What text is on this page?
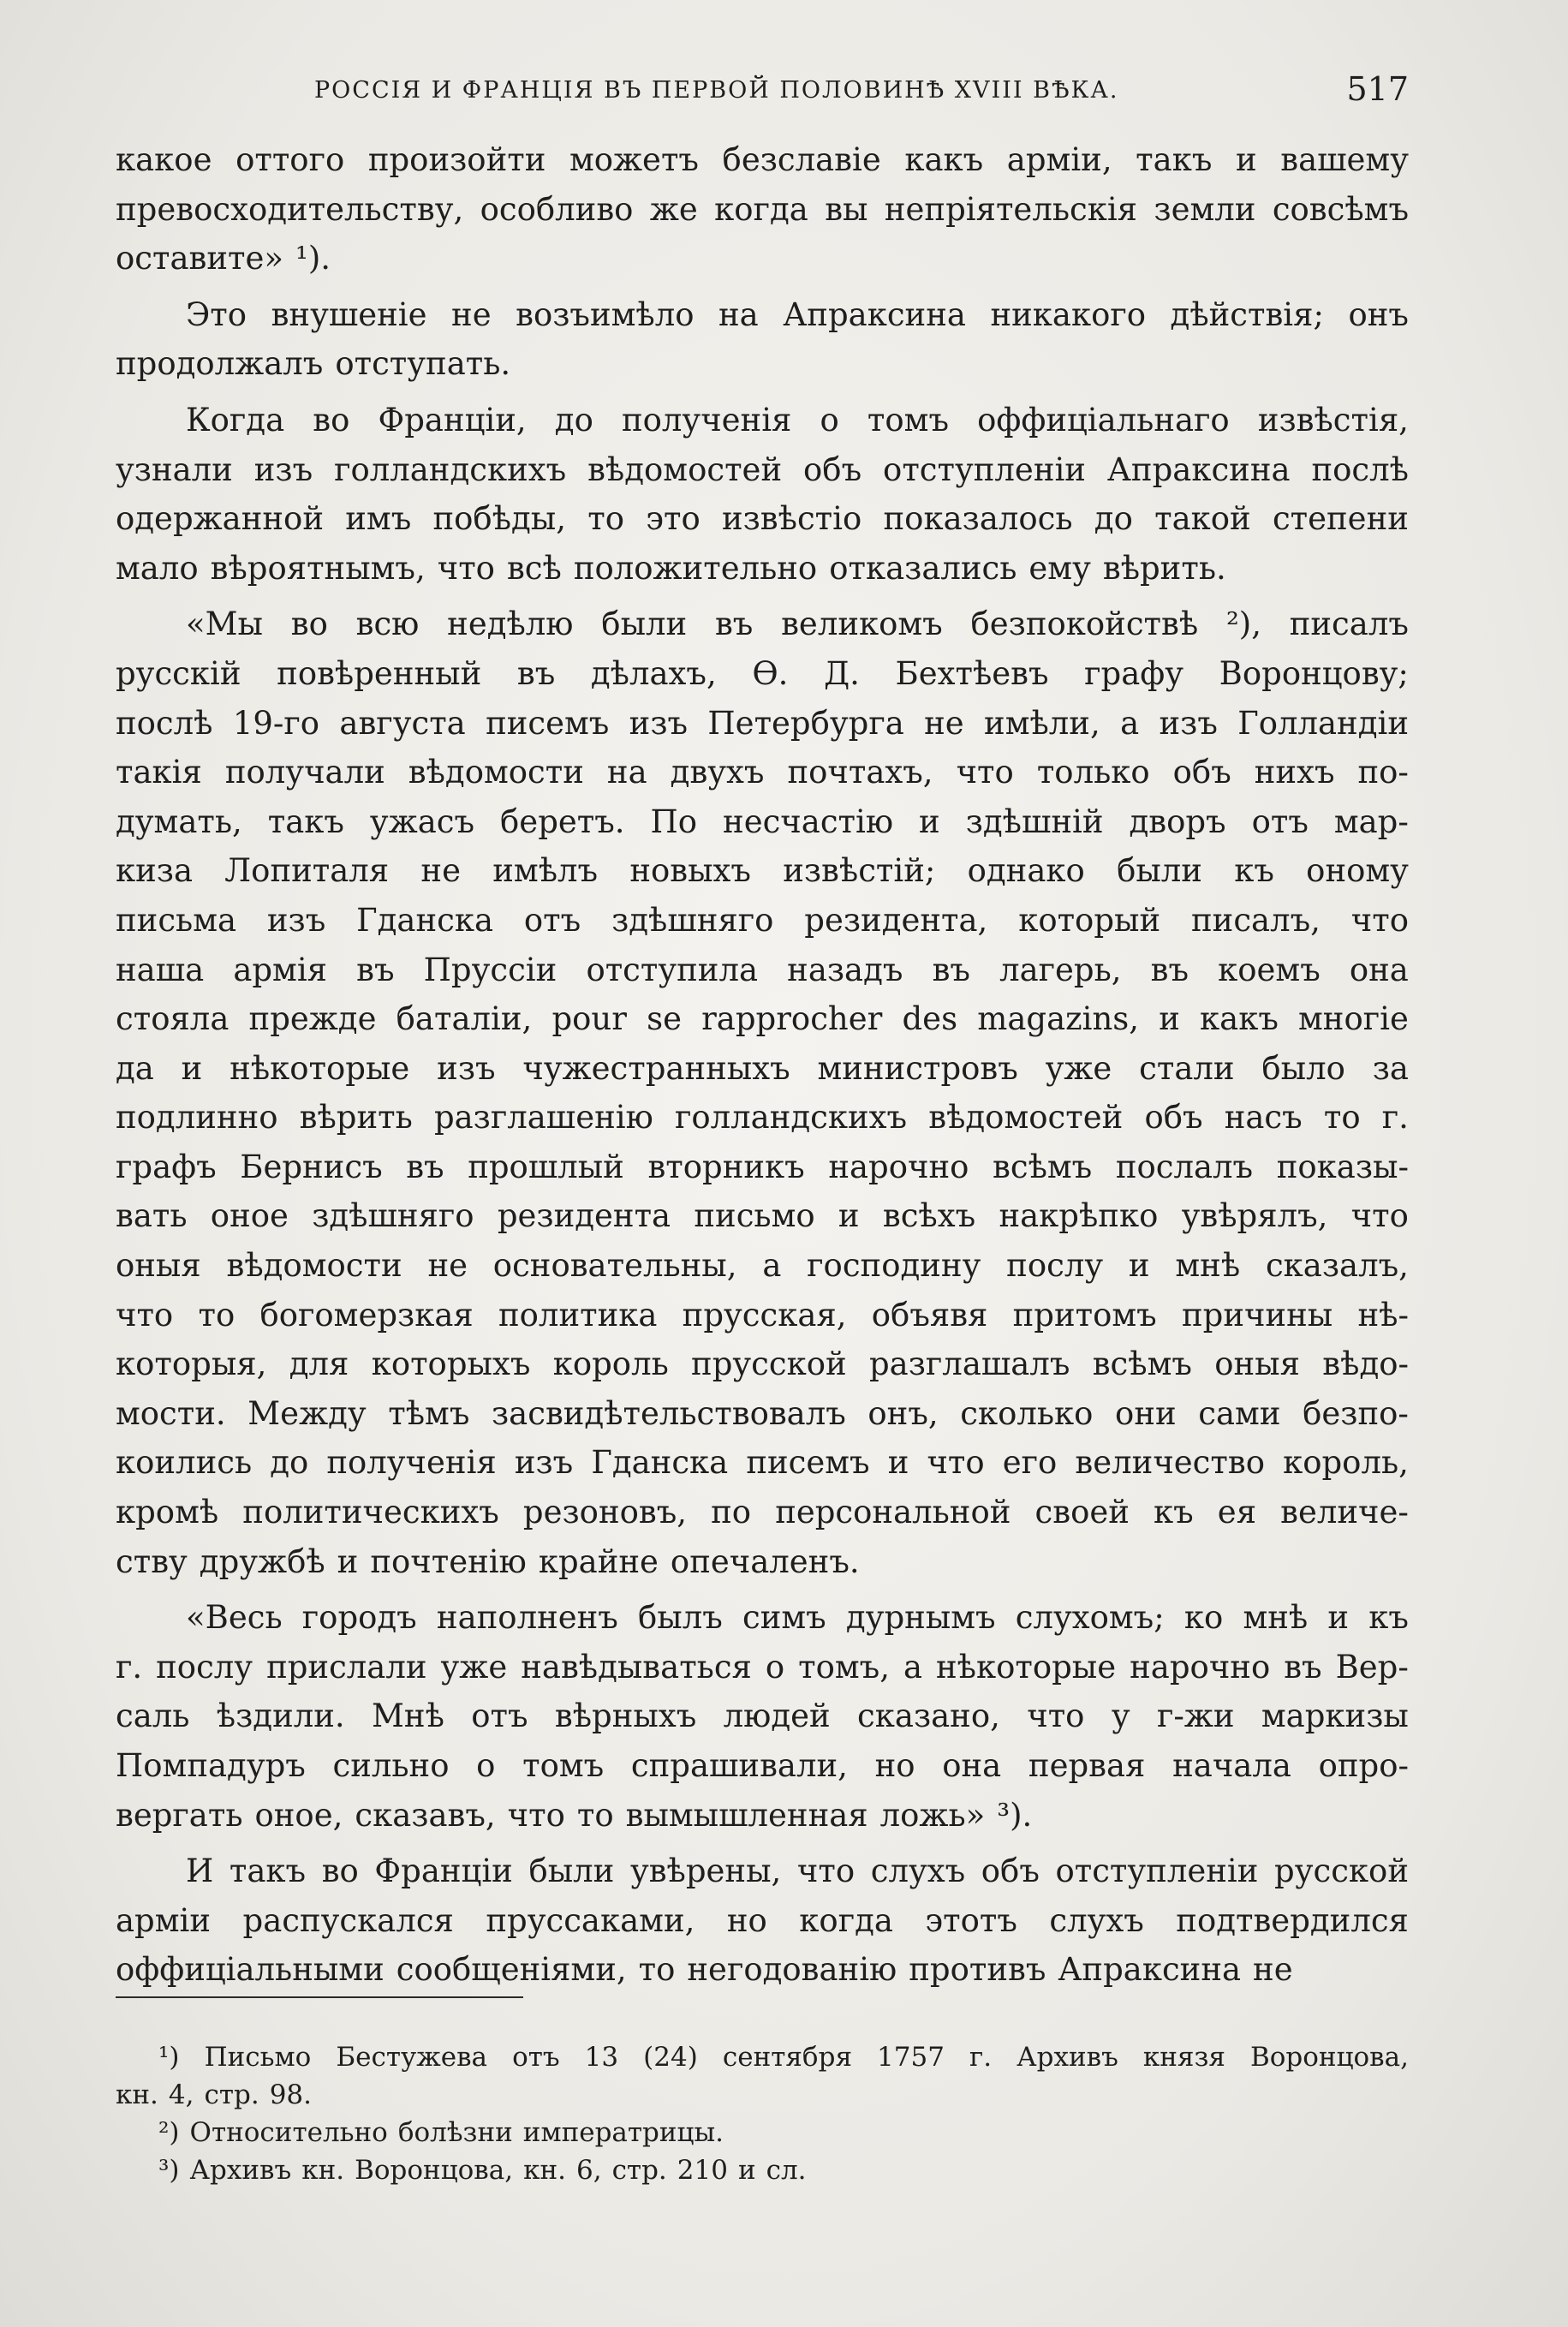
РОССІЯ И ФРАНЦІЯ ВЪ ПЕРВОЙ ПОЛОВИНѢ XVIII ВѢКА.	517
какое оттого произойти можетъ безславіе какъ арміи, такъ и вашему
превосходительству, особливо же когда вы непріятельскія земли совсѣмъ
оставите» ¹).
Это внушеніе не возъимѣло на Апраксина никакого дѣйствія; онъ
продолжалъ отступать.
Когда во Франціи, до полученія о томъ оффиціальнаго извѣстія,
узнали изъ голландскихъ вѣдомостей объ отступленіи Апраксина послѣ
одержанной имъ побѣды, то это извѣстіо показалось до такой степени
мало вѣроятнымъ, что всѣ положительно отказались ему вѣрить.
«Мы во всю недѣлю были въ великомъ безпокойствѣ ²), писалъ
русскій повѣренный въ дѣлахъ, Ѳ. Д. Бехтѣевъ графу Воронцову;
послѣ 19-го августа писемъ изъ Петербурга не имѣли, а изъ Голландіи
такія получали вѣдомости на двухъ почтахъ, что только объ нихъ по-
думать, такъ ужасъ беретъ. По несчастію и здѣшній дворъ отъ мар-
киза Лопиталя не имѣлъ новыхъ извѣстій; однако были къ оному
письма изъ Гданска отъ здѣшняго резидента, который писалъ, что
наша армія въ Пруссіи отступила назадъ въ лагерь, въ коемъ она
стояла прежде баталіи, pour se rapprocher des magazins, и какъ многіе
да и нѣкоторые изъ чужестранныхъ министровъ уже стали было за
подлинно вѣрить разглашенію голландскихъ вѣдомостей объ насъ то г.
графъ Бернисъ въ прошлый вторникъ нарочно всѣмъ послалъ показы-
вать оное здѣшняго резидента письмо и всѣхъ накрѣпко увѣрялъ, что
оныя вѣдомости не основательны, а господину послу и мнѣ сказалъ,
что то богомерзкая политика прусская, объявя притомъ причины нѣ-
которыя, для которыхъ король прусской разглашалъ всѣмъ оныя вѣдо-
мости. Между тѣмъ засвидѣтельствовалъ онъ, сколько они сами безпо-
коились до полученія изъ Гданска писемъ и что его величество король,
кромѣ политическихъ резоновъ, по персональной своей къ ея величе-
ству дружбѣ и почтенію крайне опечаленъ.
«Весь городъ наполненъ былъ симъ дурнымъ слухомъ; ко мнѣ и къ
г. послу прислали уже навѣдываться о томъ, а нѣкоторые нарочно въ Вер-
саль ѣздили. Мнѣ отъ вѣрныхъ людей сказано, что у г-жи маркизы
Помпадуръ сильно о томъ спрашивали, но она первая начала опро-
вергать оное, сказавъ, что то вымышленная ложь» ³).
И такъ во Франціи были увѣрены, что слухъ объ отступленіи русской
арміи распускался пруссаками, но когда этотъ слухъ подтвердился
оффиціальными сообщеніями, то негодованію противъ Апраксина не
¹) Письмо Бестужева отъ 13 (24) сентября 1757 г. Архивъ князя Воронцова,
кн. 4, стр. 98.
²) Относительно болѣзни императрицы.
³) Архивъ кн. Воронцова, кн. 6, стр. 210 и сл.
